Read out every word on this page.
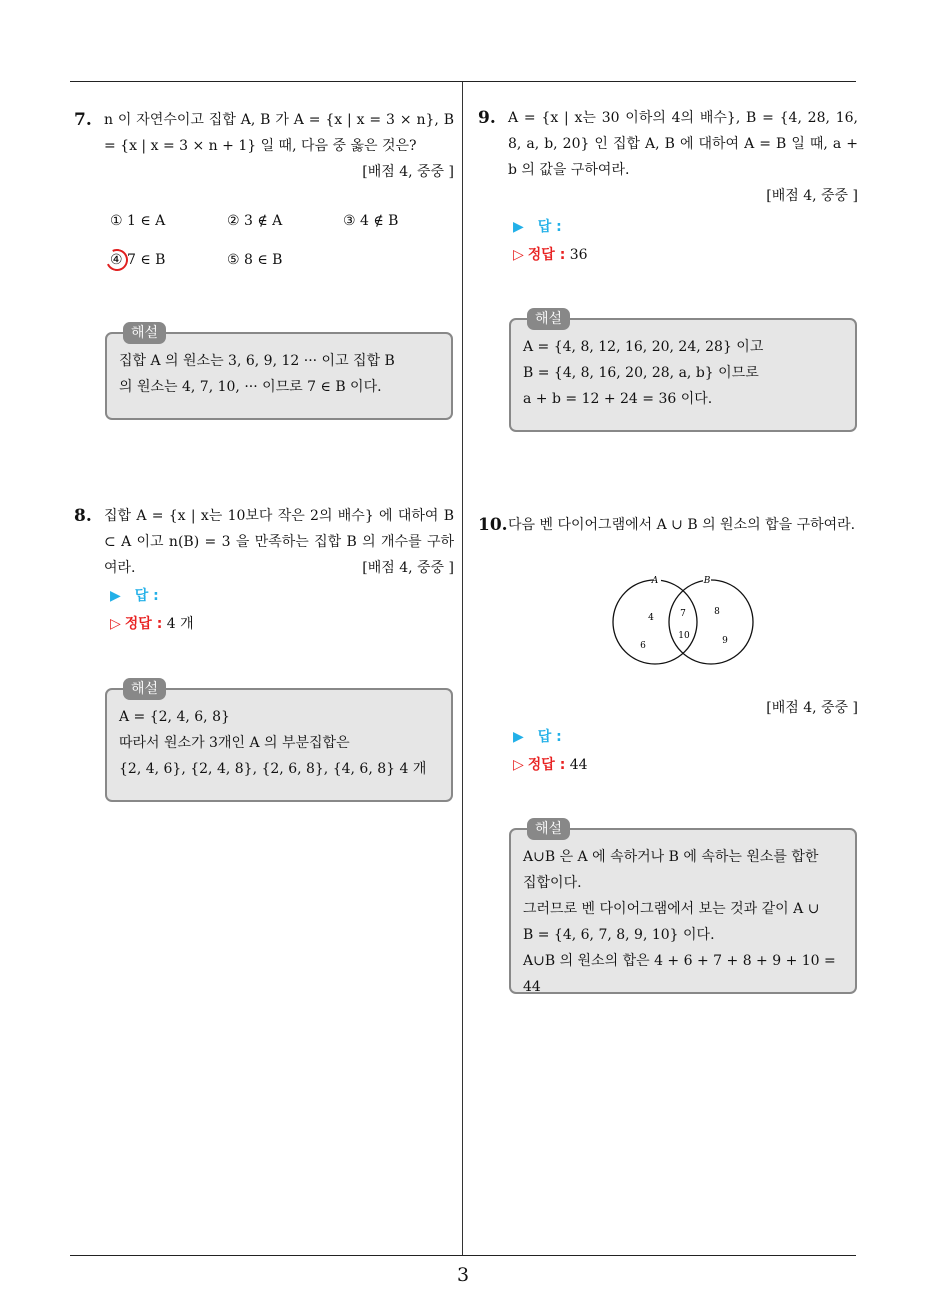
3
7. n 이 자연수이고 집합 A, B 가 A = {x | x = 3 × n}, B = {x | x = 3 × n + 1} 일 때, 다음 중 옳은 것은?
[배점 4, 중중 ]
① 1 ∈ A	② 3 ∉ A	③ 4 ∉ B
④ 7 ∈ B	⑤ 8 ∈ B
해설
집합 A 의 원소는 3, 6, 9, 12 ··· 이고 집합 B
의 원소는 4, 7, 10, ··· 이므로 7 ∈ B 이다.
8. 집합 A = {x | x는 10보다 작은 2의 배수} 에 대하여 B ⊂ A 이고 n(B) = 3 을 만족하는 집합 B 의 개수를 구하여라.	[배점 4, 중중 ]
▶ 답 :
▷ 정답 : 4 개
해설
A = {2, 4, 6, 8}
따라서 원소가 3개인 A 의 부분집합은
{2, 4, 6}, {2, 4, 8}, {2, 6, 8}, {4, 6, 8} 4 개
9. A = {x | x는 30 이하의 4의 배수}, B = {4, 28, 16, 8, a, b, 20} 인 집합 A, B 에 대하여 A = B 일 때, a + b 의 값을 구하여라.
[배점 4, 중중 ]
▶ 답 :
▷ 정답 : 36
해설
A = {4, 8, 12, 16, 20, 24, 28} 이고
B = {4, 8, 16, 20, 28, a, b} 이므로
a + b = 12 + 24 = 36 이다.
10. 다음 벤 다이어그램에서 A ∪ B 의 원소의 합을 구하여라.
A	B
4
6
7
10
8
9
[배점 4, 중중 ]
▶ 답 :
▷ 정답 : 44
해설
A∪B 은 A 에 속하거나 B 에 속하는 원소를 합한
집합이다.
그러므로 벤 다이어그램에서 보는 것과 같이 A ∪
B = {4, 6, 7, 8, 9, 10} 이다.
A∪B 의 원소의 합은 4 + 6 + 7 + 8 + 9 + 10 = 44
